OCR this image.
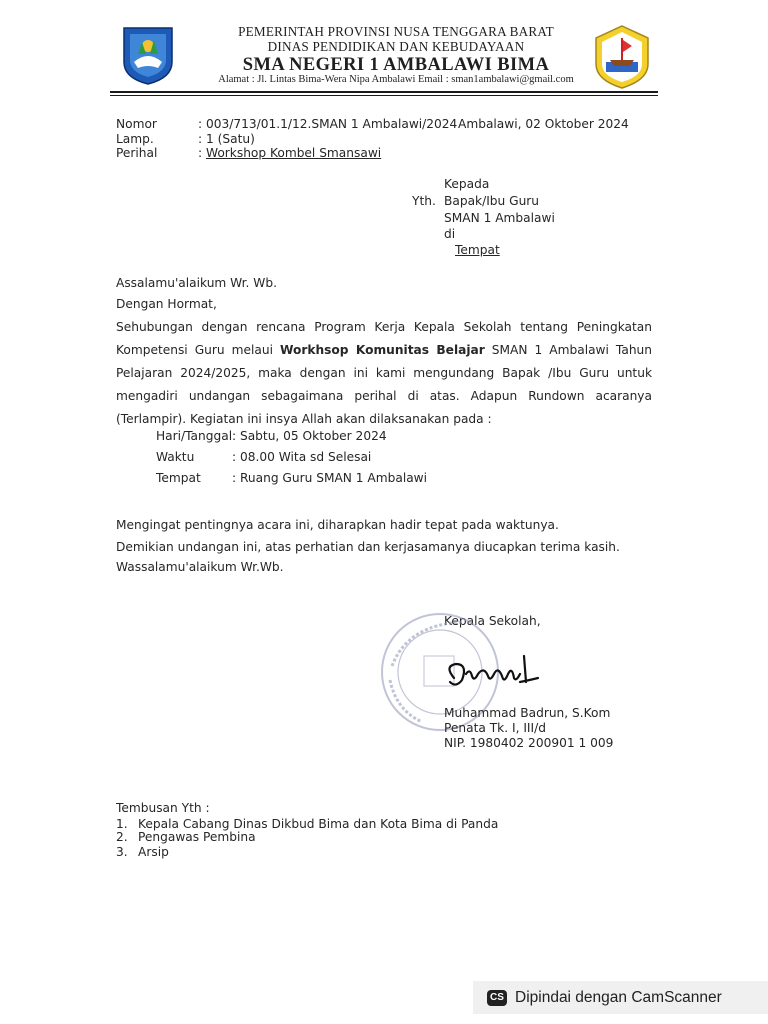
PEMERINTAH PROVINSI NUSA TENGGARA BARAT
DINAS PENDIDIKAN DAN KEBUDAYAAN
SMA NEGERI 1 AMBALAWI BIMA
Alamat : Jl. Lintas Bima-Wera Nipa Ambalawi Email : sman1ambalawi@gmail.com
Nomor	: 003/713/01.1/12.SMAN 1 Ambalawi/2024 Ambalawi, 02 Oktober 2024
Lamp.	: 1 (Satu)
Perihal	: Workshop Kombel Smansawi
Kepada
Yth. Bapak/Ibu Guru
SMAN 1 Ambalawi
di
Tempat
Assalamu'alaikum Wr. Wb.
Dengan Hormat,
Sehubungan dengan rencana Program Kerja Kepala Sekolah tentang Peningkatan Kompetensi Guru melaui Workhsop Komunitas Belajar SMAN 1 Ambalawi Tahun Pelajaran 2024/2025, maka dengan ini kami mengundang Bapak /Ibu Guru untuk mengadiri undangan sebagaimana perihal di atas. Adapun Rundown acaranya (Terlampir). Kegiatan ini insya Allah akan dilaksanakan pada :
Hari/Tanggal : Sabtu, 05 Oktober 2024
Waktu	: 08.00 Wita sd Selesai
Tempat	: Ruang Guru SMAN 1 Ambalawi
Mengingat pentingnya acara ini, diharapkan hadir tepat pada waktunya.
Demikian undangan ini, atas perhatian dan kerjasamanya diucapkan terima kasih.
Wassalamu'alaikum Wr.Wb.
Kepala Sekolah,
Muhammad Badrun, S.Kom
Penata Tk. I, III/d
NIP. 1980402 200901 1 009
Tembusan Yth :
1. Kepala Cabang Dinas Dikbud Bima dan Kota Bima di Panda
2. Pengawas Pembina
3. Arsip
CS Dipindai dengan CamScanner
